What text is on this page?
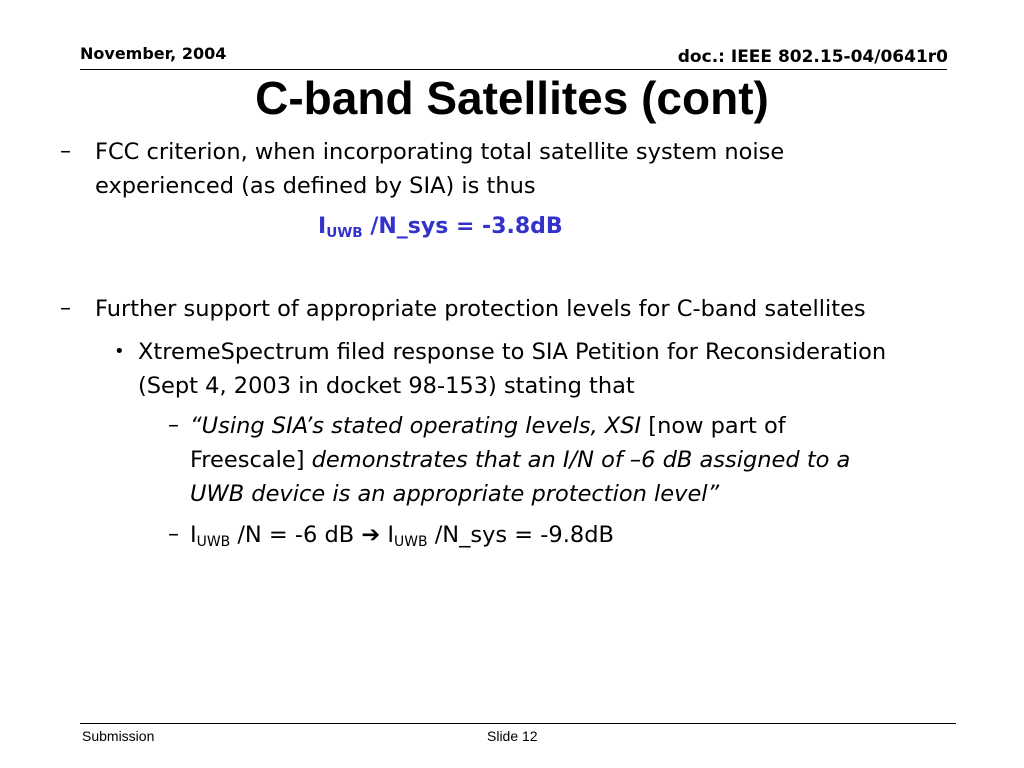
November, 2004	doc.: IEEE 802.15-04/0641r0
C-band Satellites (cont)
– FCC criterion, when incorporating total satellite system noise
experienced (as defined by SIA) is thus
$I_{UWB}$ /N_sys = -3.8dB
– Further support of appropriate protection levels for C-band satellites
• XtremeSpectrum filed response to SIA Petition for Reconsideration
(Sept 4, 2003 in docket 98-153) stating that
– “Using SIA’s stated operating levels, XSI [now part of
Freescale] demonstrates that an I/N of –6 dB assigned to a
UWB device is an appropriate protection level”
– $I_{UWB}$ /N = -6 dB ➔ $I_{UWB}$ /N_sys = -9.8dB
Submission	Slide 12
